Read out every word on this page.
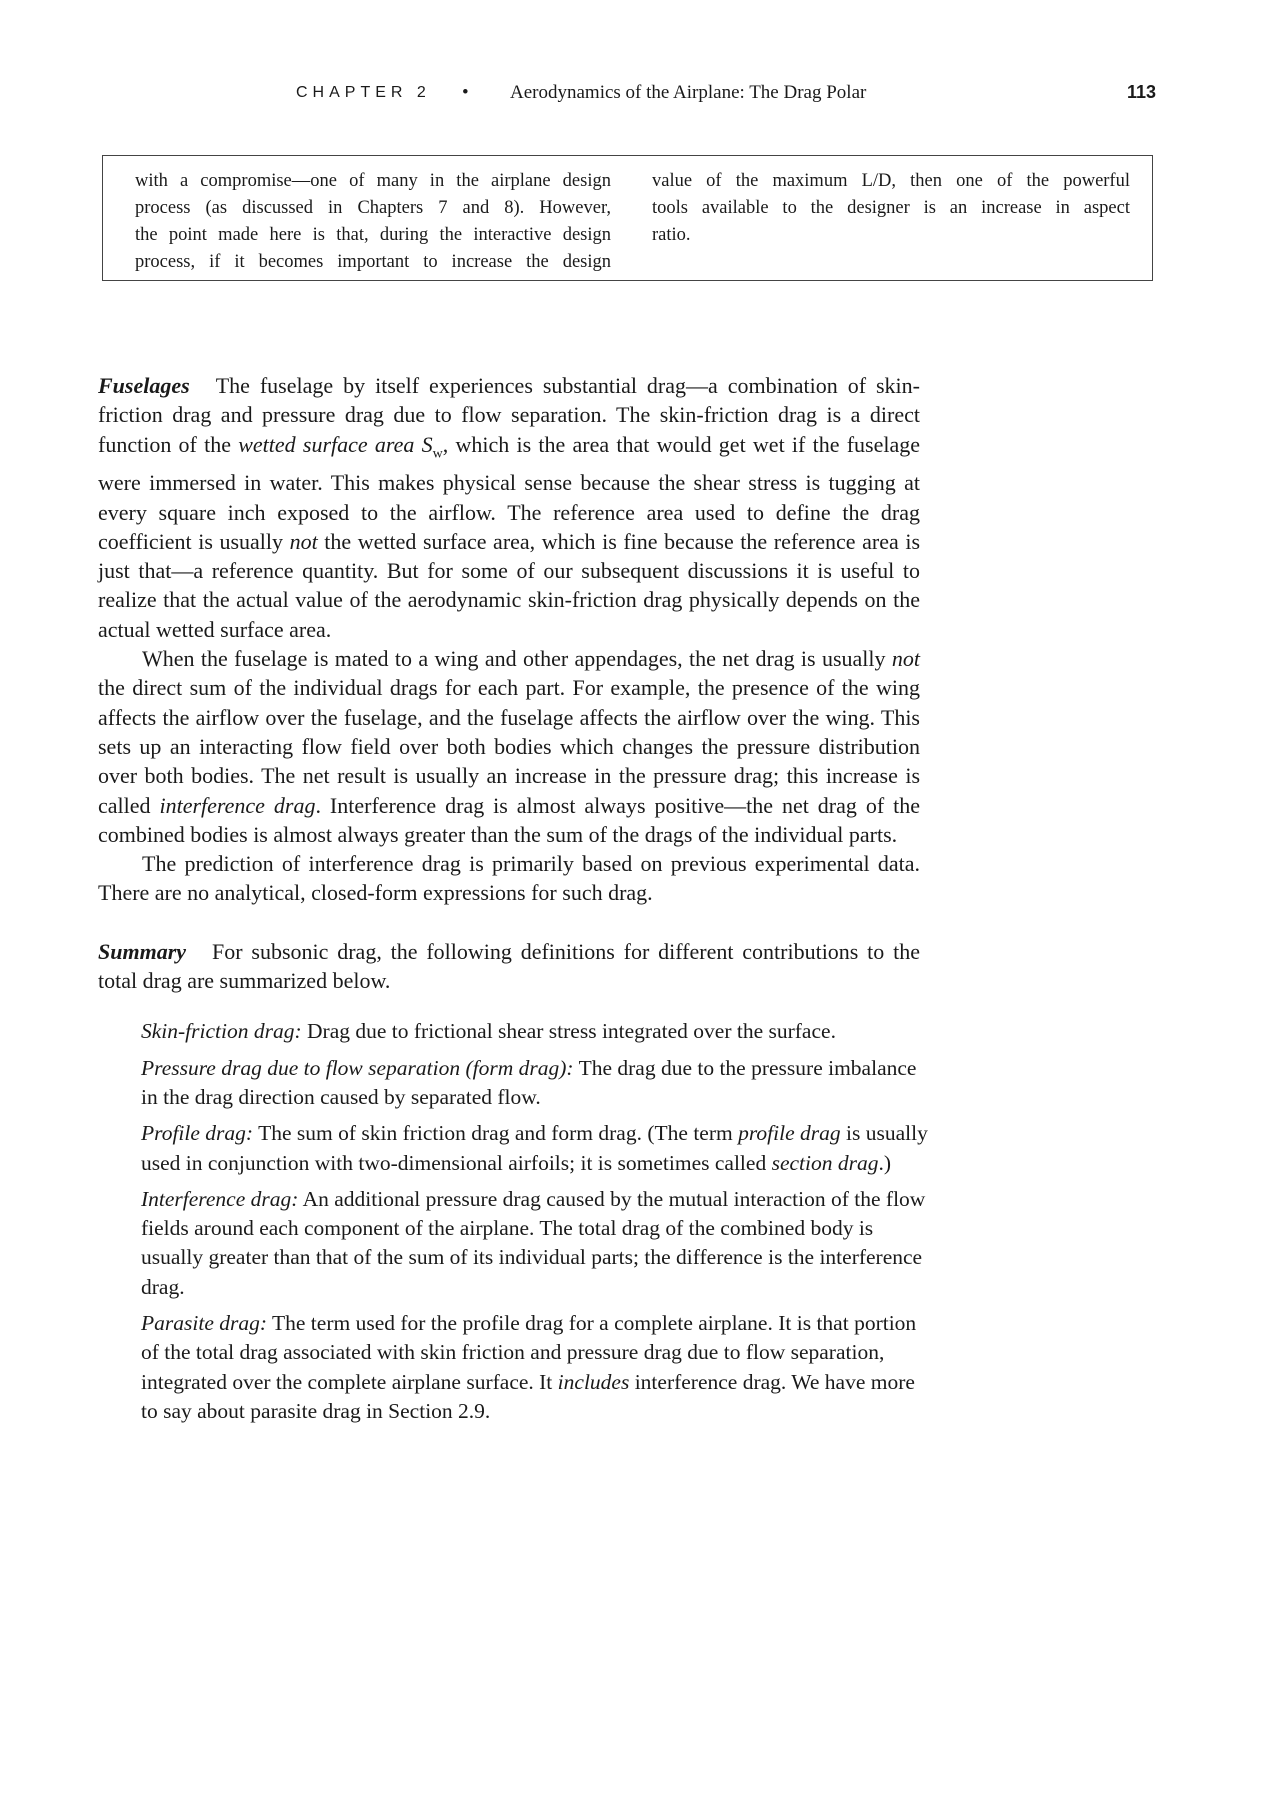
CHAPTER 2 • Aerodynamics of the Airplane: The Drag Polar	113
with a compromise—one of many in the airplane design
process (as discussed in Chapters 7 and 8). However,
the point made here is that, during the interactive design
process, if it becomes important to increase the design
value of the maximum L/D, then one of the powerful
tools available to the designer is an increase in aspect
ratio.

Fuselages The fuselage by itself experiences substantial drag—a combination of skin-friction drag and pressure drag due to flow separation. The skin-friction drag is a direct function of the wetted surface area $S_w$, which is the area that would get wet if the fuselage were immersed in water. This makes physical sense because the shear stress is tugging at every square inch exposed to the airflow. The reference area used to define the drag coefficient is usually not the wetted surface area, which is fine because the reference area is just that—a reference quantity. But for some of our subsequent discussions it is useful to realize that the actual value of the aerodynamic skin-friction drag physically depends on the actual wetted surface area.

When the fuselage is mated to a wing and other appendages, the net drag is usually not the direct sum of the individual drags for each part. For example, the presence of the wing affects the airflow over the fuselage, and the fuselage affects the airflow over the wing. This sets up an interacting flow field over both bodies which changes the pressure distribution over both bodies. The net result is usually an increase in the pressure drag; this increase is called interference drag. Interference drag is almost always positive—the net drag of the combined bodies is almost always greater than the sum of the drags of the individual parts.

The prediction of interference drag is primarily based on previous experimental data. There are no analytical, closed-form expressions for such drag.

Summary For subsonic drag, the following definitions for different contributions to the total drag are summarized below.

Skin-friction drag: Drag due to frictional shear stress integrated over the surface.

Pressure drag due to flow separation (form drag): The drag due to the pressure imbalance in the drag direction caused by separated flow.

Profile drag: The sum of skin friction drag and form drag. (The term profile drag is usually used in conjunction with two-dimensional airfoils; it is sometimes called section drag.)

Interference drag: An additional pressure drag caused by the mutual interaction of the flow fields around each component of the airplane. The total drag of the combined body is usually greater than that of the sum of its individual parts; the difference is the interference drag.

Parasite drag: The term used for the profile drag for a complete airplane. It is that portion of the total drag associated with skin friction and pressure drag due to flow separation, integrated over the complete airplane surface. It includes interference drag. We have more to say about parasite drag in Section 2.9.
